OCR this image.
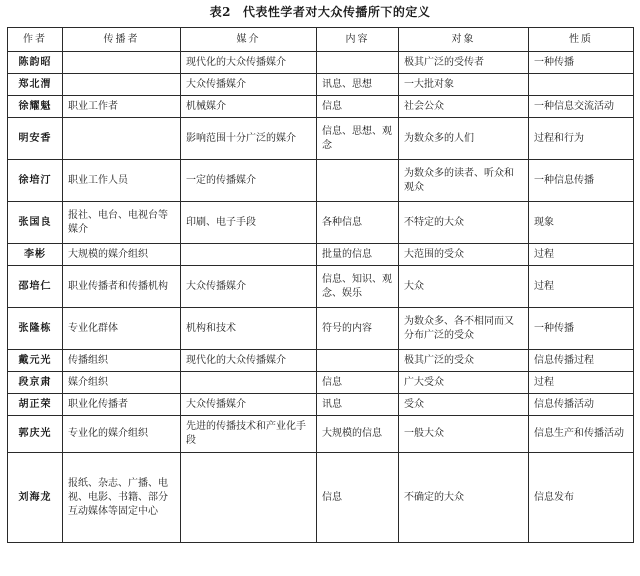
表2 代表性学者对大众传播所下的定义
作者	传播者	媒介	内容	对象	性质
陈韵昭		现代化的大众传播媒介		极其广泛的受传者	一种传播
郑北渭		大众传播媒介	讯息、思想	一大批对象	
徐耀魁	职业工作者	机械媒介	信息	社会公众	一种信息交流活动
明安香		影响范围十分广泛的媒介	信息、思想、观念	为数众多的人们	过程和行为
徐培汀	职业工作人员	一定的传播媒介		为数众多的读者、听众和观众	一种信息传播
张国良	报社、电台、电视台等媒介	印刷、电子手段	各种信息	不特定的大众	现象
李彬	大规模的媒介组织		批量的信息	大范围的受众	过程
邵培仁	职业传播者和传播机构	大众传播媒介	信息、知识、观念、娱乐	大众	过程
张隆栋	专业化群体	机构和技术	符号的内容	为数众多、各不相同而又分布广泛的受众	一种传播
戴元光	传播组织	现代化的大众传播媒介		极其广泛的受众	信息传播过程
段京肃	媒介组织		信息	广大受众	过程
胡正荣	职业化传播者	大众传播媒介	讯息	受众	信息传播活动
郭庆光	专业化的媒介组织	先进的传播技术和产业化手段	大规模的信息	一般大众	信息生产和传播活动
刘海龙	报纸、杂志、广播、电视、电影、书籍、部分互动媒体等固定中心		信息	不确定的大众	信息发布
